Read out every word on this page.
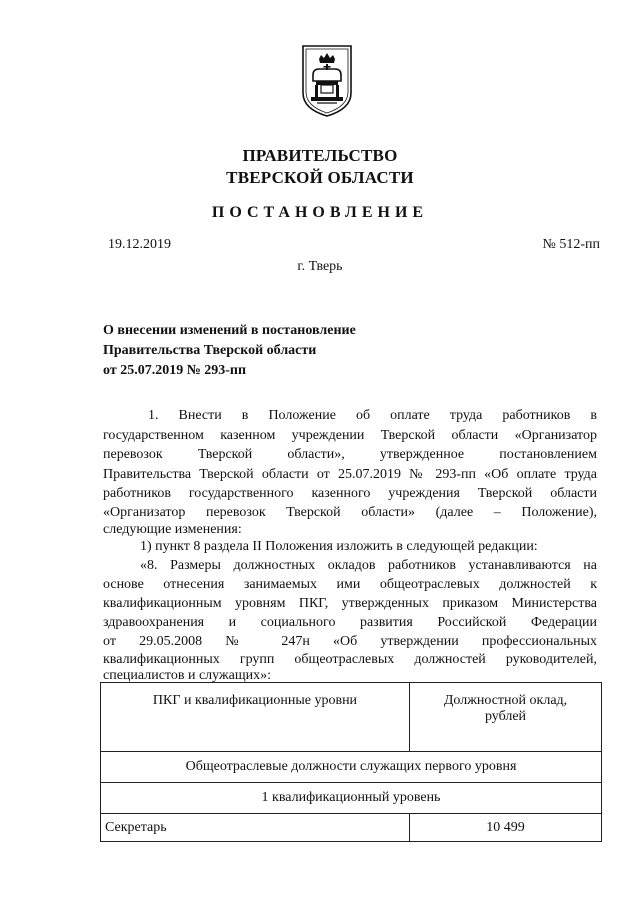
ПРАВИТЕЛЬСТВО
ТВЕРСКОЙ ОБЛАСТИ
ПОСТАНОВЛЕНИЕ
19.12.2019	№ 512-пп
г. Тверь
О внесении изменений в постановление
Правительства Тверской области
от 25.07.2019 № 293-пп
1. Внести в Положение об оплате труда работников в
государственном казенном учреждении Тверской области «Организатор
перевозок Тверской области», утвержденное постановлением
Правительства Тверской области от 25.07.2019 № 293-пп «Об оплате труда
работников государственного казенного учреждения Тверской области
«Организатор перевозок Тверской области» (далее – Положение),
следующие изменения:
1) пункт 8 раздела II Положения изложить в следующей редакции:
«8. Размеры должностных окладов работников устанавливаются на
основе отнесения занимаемых ими общеотраслевых должностей к
квалификационным уровням ПКГ, утвержденных приказом Министерства
здравоохранения и социального развития Российской Федерации
от 29.05.2008 № 247н «Об утверждении профессиональных
квалификационных групп общеотраслевых должностей руководителей,
специалистов и служащих»:
ПКГ и квалификационные уровни	Должностной оклад,
рублей

Общеотраслевые должности служащих первого уровня	
1 квалификационный уровень	
Секретарь	10 499
